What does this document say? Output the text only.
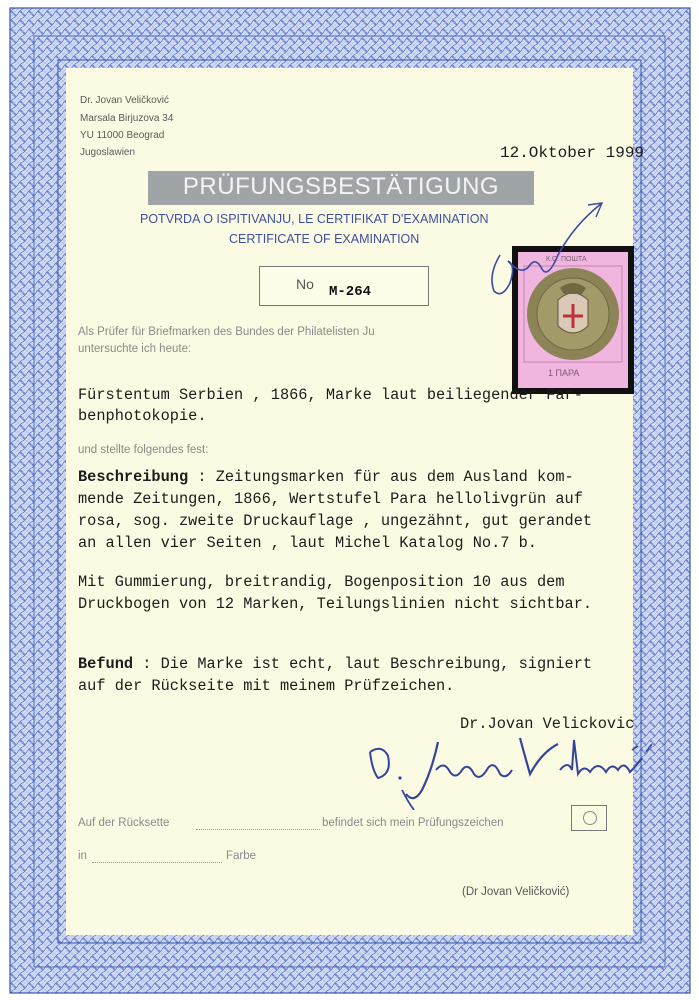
Dr. Jovan Veličković
Marsala Birjuzova 34
YU 11000 Beograd
Jugoslawien	12.Oktober 1999
PRÜFUNGSBESTÄTIGUNG
POTVRDA O ISPITIVANJU, LE CERTIFIKAT D'EXAMINATION
CERTIFICATE OF EXAMINATION
No M-264
К.С. ПОШТА
1 ПАРА
Als Prüfer für Briefmarken des Bundes der Philatelisten Ju
untersuchte ich heute:
Fürstentum Serbien , 1866, Marke laut beiliegender Far-
benphotokopie.
und stellte folgendes fest:
Beschreibung : Zeitungsmarken für aus dem Ausland kom-
mende Zeitungen, 1866, Wertstufel Para hellolivgrün auf
rosa, sog. zweite Druckauflage , ungezähnt, gut gerandet
an allen vier Seiten , laut Michel Katalog No.7 b.
Mit Gummierung, breitrandig, Bogenposition 10 aus dem
Druckbogen von 12 Marken, Teilungslinien nicht sichtbar.
Befund : Die Marke ist echt, laut Beschreibung, signiert
auf der Rückseite mit meinem Prüfzeichen.
Dr.Jovan Velickovic
Auf der Rücksette	befindet sich mein Prüfungszeichen
in	Farbe
(Dr Jovan Veličković)
